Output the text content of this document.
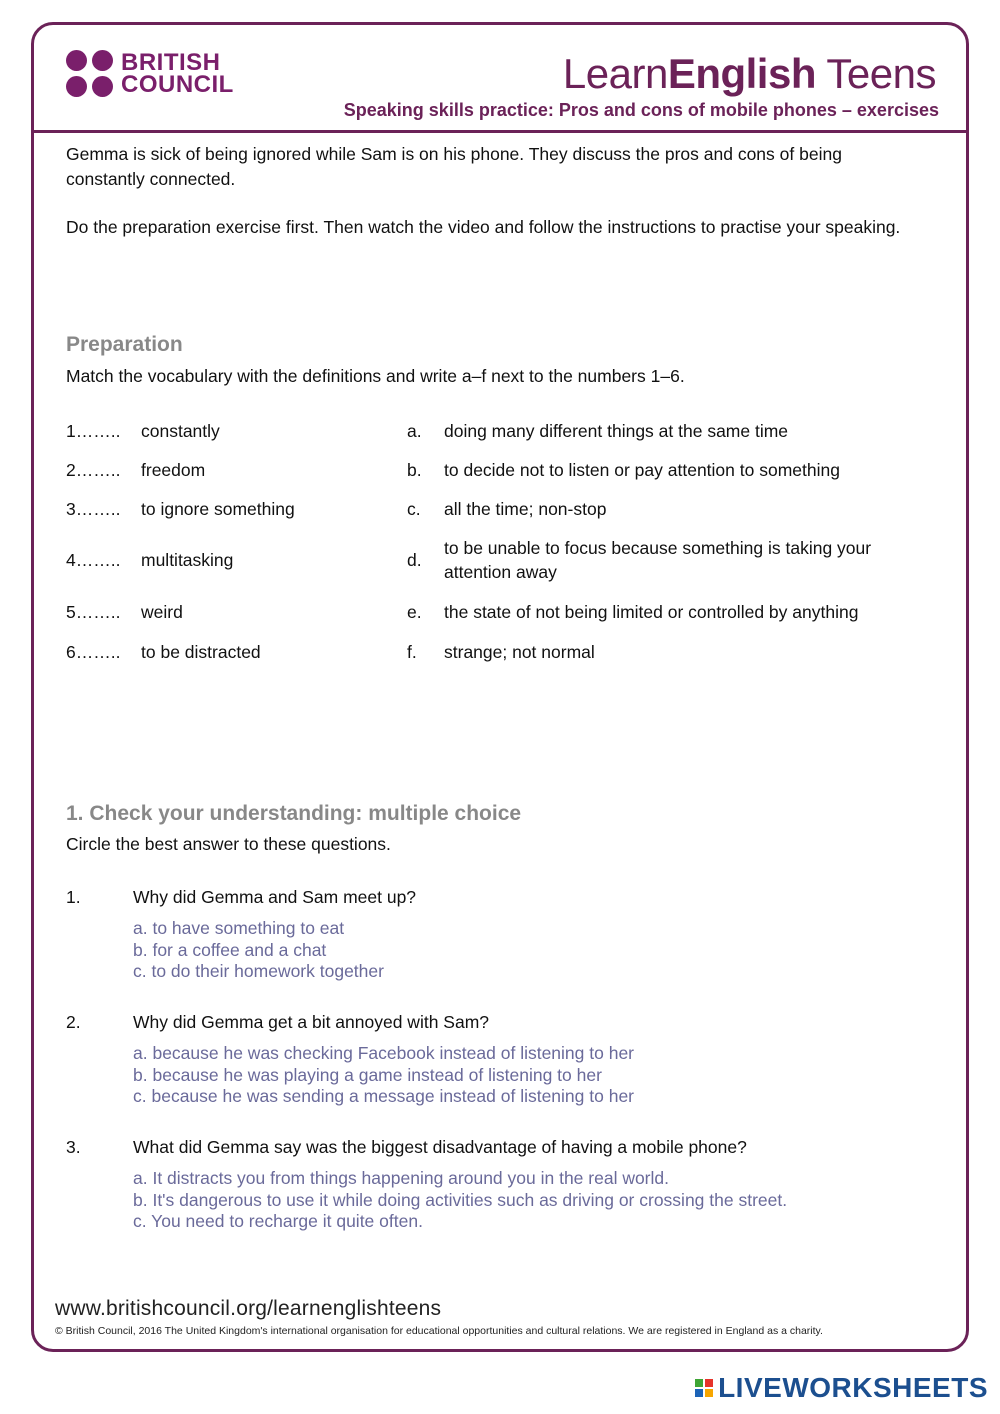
BRITISH
COUNCIL	LearnEnglish Teens
Speaking skills practice: Pros and cons of mobile phones – exercises

Gemma is sick of being ignored while Sam is on his phone. They discuss the pros and cons of being constantly connected.

Do the preparation exercise first. Then watch the video and follow the instructions to practise your speaking.

Preparation
Match the vocabulary with the definitions and write a–f next to the numbers 1–6.
1…….. constantly	a. doing many different things at the same time
2…….. freedom	b. to decide not to listen or pay attention to something
3…….. to ignore something	c. all the time; non-stop
4…….. multitasking	d.
to be unable to focus because something is taking your attention away
5…….. weird	e. the state of not being limited or controlled by anything
6…….. to be distracted	f. strange; not normal
1. Check your understanding: multiple choice
Circle the best answer to these questions.
1.	Why did Gemma and Sam meet up?
a. to have something to eat
b. for a coffee and a chat
c. to do their homework together
2.	Why did Gemma get a bit annoyed with Sam?
a. because he was checking Facebook instead of listening to her
b. because he was playing a game instead of listening to her
c. because he was sending a message instead of listening to her
3.	What did Gemma say was the biggest disadvantage of having a mobile phone?
a. It distracts you from things happening around you in the real world.
b. It's dangerous to use it while doing activities such as driving or crossing the street.
c. You need to recharge it quite often.
www.britishcouncil.org/learnenglishteens
© British Council, 2016 The United Kingdom's international organisation for educational opportunities and cultural relations. We are registered in England as a charity.
LIVEWORKSHEETS
